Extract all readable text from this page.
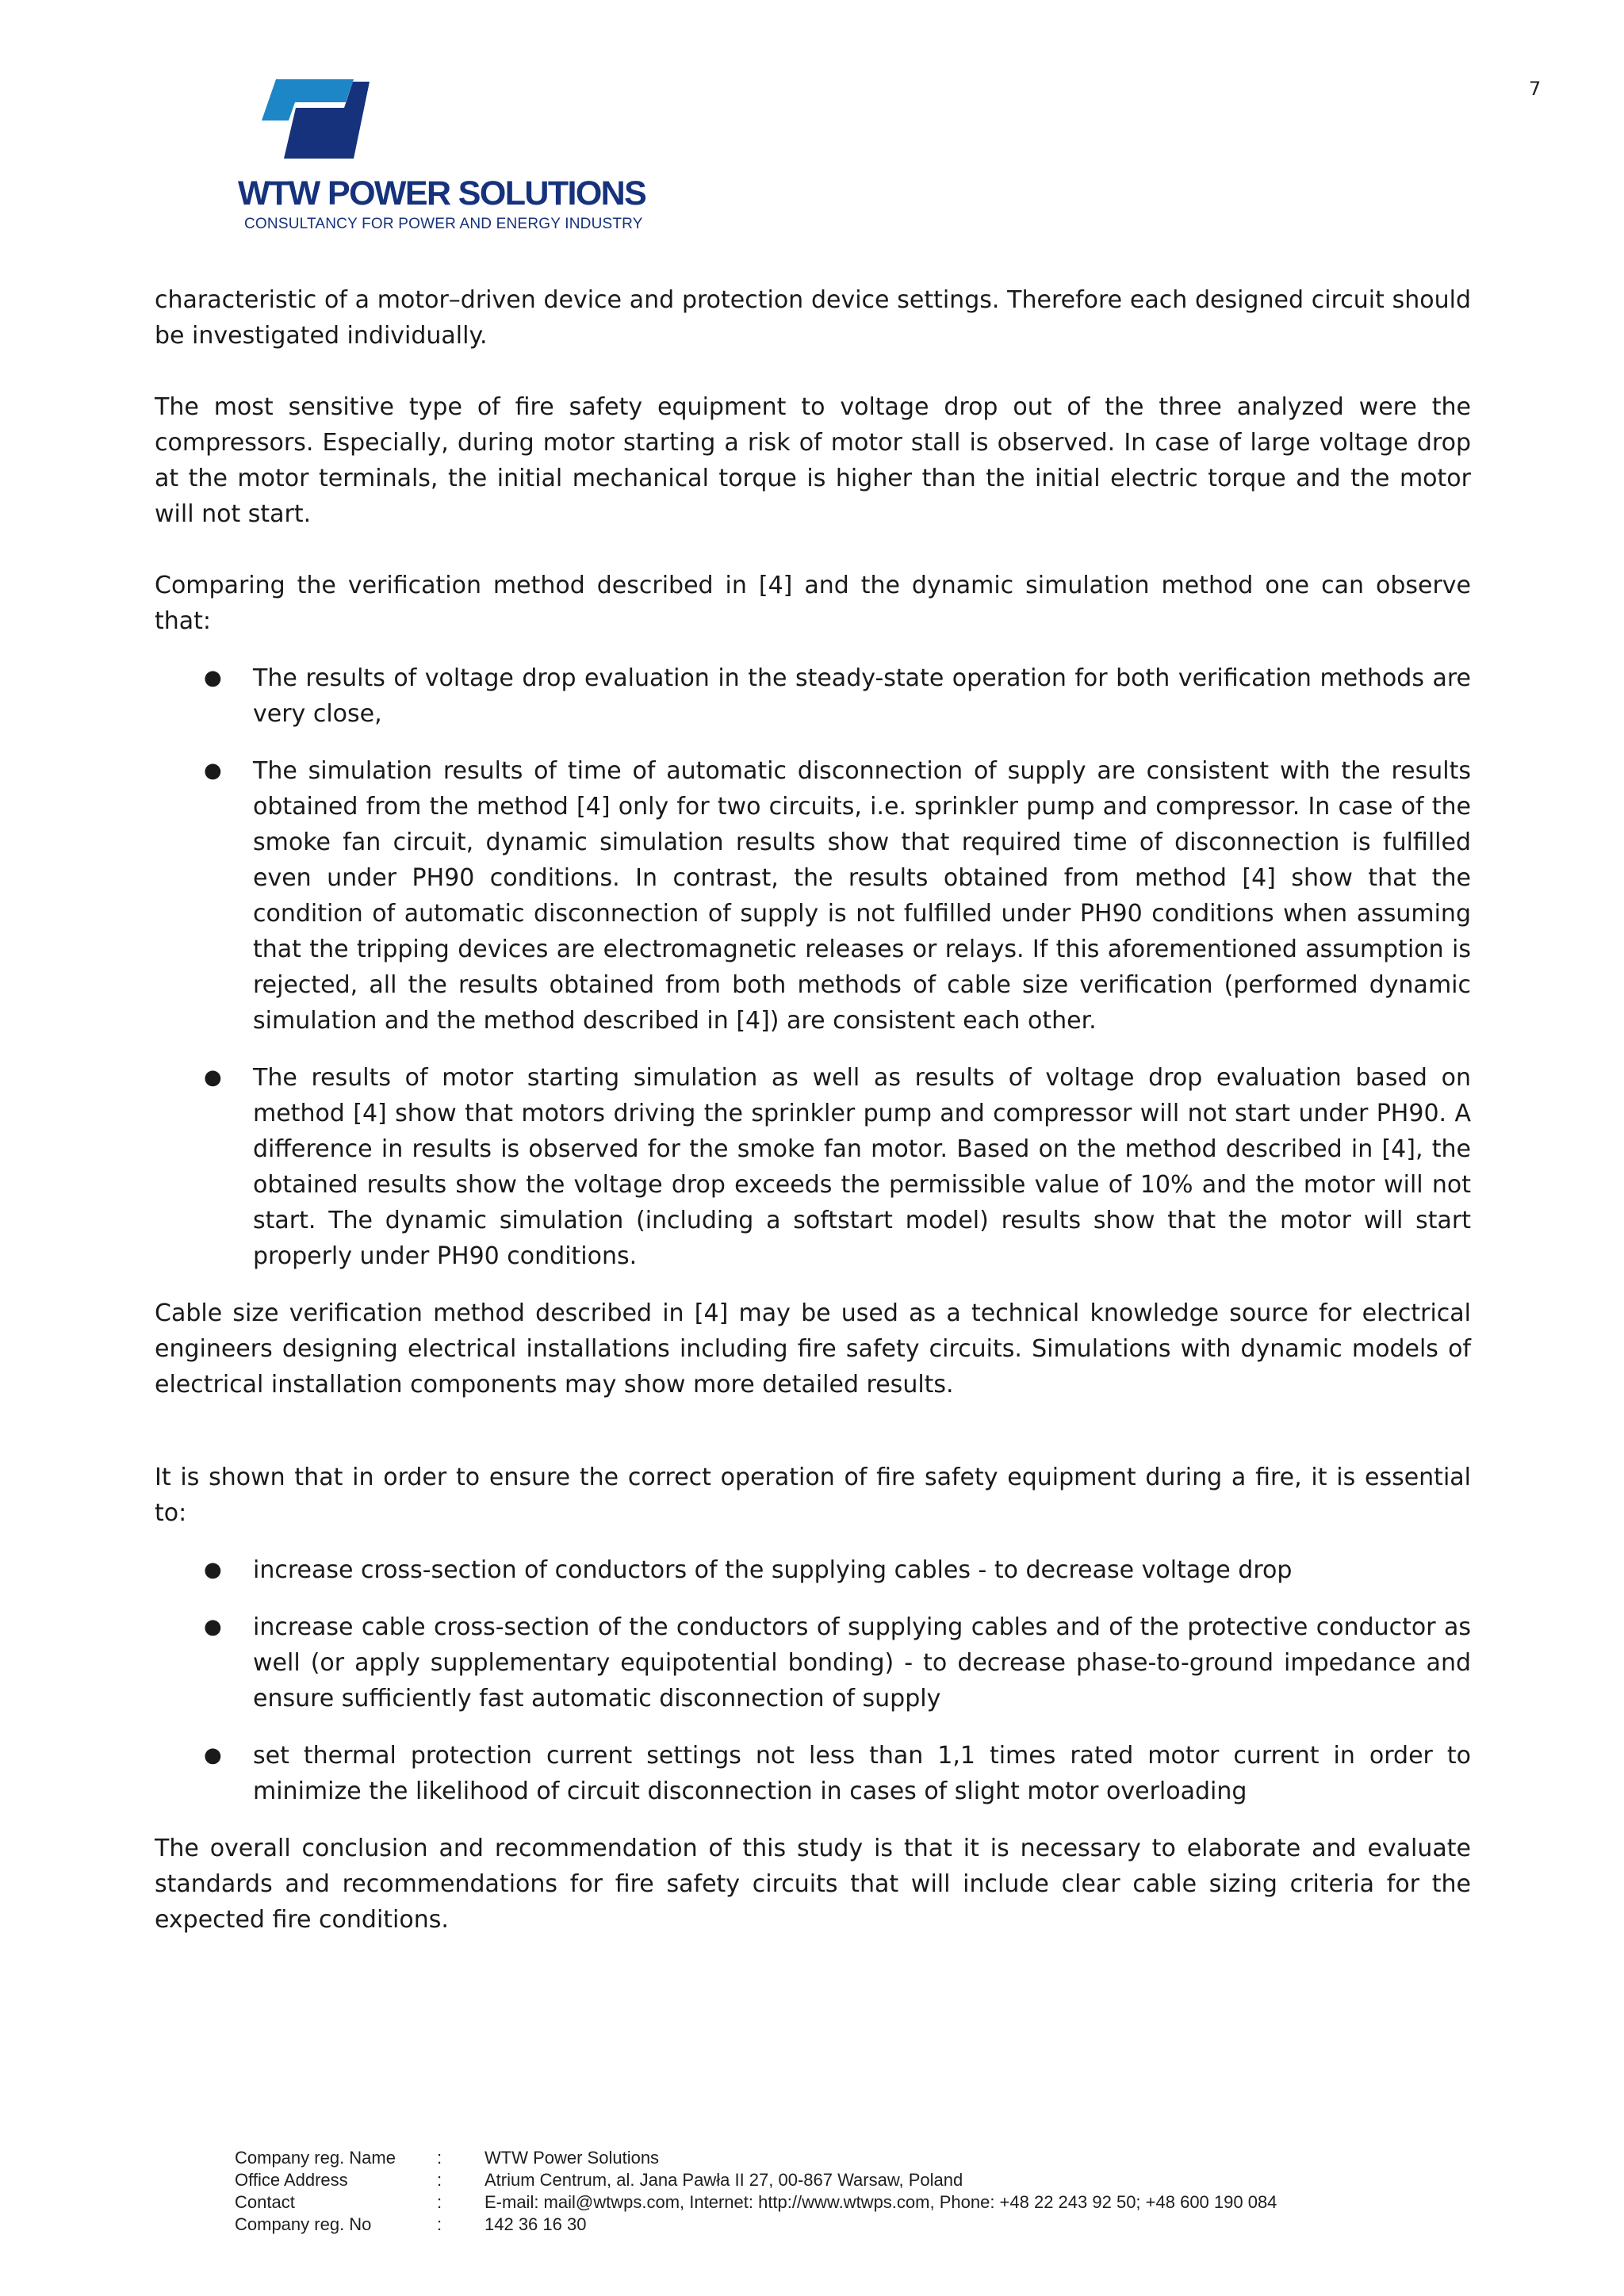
7
WTW POWER SOLUTIONS
CONSULTANCY FOR POWER AND ENERGY INDUSTRY

characteristic of a motor–driven device and protection device settings. Therefore each designed circuit should be investigated individually.

The most sensitive type of fire safety equipment to voltage drop out of the three analyzed were the compressors. Especially, during motor starting a risk of motor stall is observed. In case of large voltage drop at the motor terminals, the initial mechanical torque is higher than the initial electric torque and the motor will not start.

Comparing the verification method described in [4] and the dynamic simulation method one can observe that:

● The results of voltage drop evaluation in the steady-state operation for both verification methods are very close,
● The simulation results of time of automatic disconnection of supply are consistent with the results obtained from the method [4] only for two circuits, i.e. sprinkler pump and compressor. In case of the smoke fan circuit, dynamic simulation results show that required time of disconnection is fulfilled even under PH90 conditions. In contrast, the results obtained from method [4] show that the condition of automatic disconnection of supply is not fulfilled under PH90 conditions when assuming that the tripping devices are electromagnetic releases or relays. If this aforementioned assumption is rejected, all the results obtained from both methods of cable size verification (performed dynamic simulation and the method described in [4]) are consistent each other.
● The results of motor starting simulation as well as results of voltage drop evaluation based on method [4] show that motors driving the sprinkler pump and compressor will not start under PH90. A difference in results is observed for the smoke fan motor. Based on the method described in [4], the obtained results show the voltage drop exceeds the permissible value of 10% and the motor will not start. The dynamic simulation (including a softstart model) results show that the motor will start properly under PH90 conditions.

Cable size verification method described in [4] may be used as a technical knowledge source for electrical engineers designing electrical installations including fire safety circuits. Simulations with dynamic models of electrical installation components may show more detailed results.

It is shown that in order to ensure the correct operation of fire safety equipment during a fire, it is essential to:

● increase cross-section of conductors of the supplying cables - to decrease voltage drop
● increase cable cross-section of the conductors of supplying cables and of the protective conductor as well (or apply supplementary equipotential bonding) - to decrease phase-to-ground impedance and ensure sufficiently fast automatic disconnection of supply
● set thermal protection current settings not less than 1,1 times rated motor current in order to minimize the likelihood of circuit disconnection in cases of slight motor overloading

The overall conclusion and recommendation of this study is that it is necessary to elaborate and evaluate standards and recommendations for fire safety circuits that will include clear cable sizing criteria for the expected fire conditions.

Company reg. Name	:	WTW Power Solutions
Office Address	:	Atrium Centrum, al. Jana Pawła II 27, 00-867 Warsaw, Poland
Contact	:	E-mail: mail@wtwps.com, Internet: http://www.wtwps.com, Phone: +48 22 243 92 50; +48 600 190 084
Company reg. No	:	142 36 16 30
